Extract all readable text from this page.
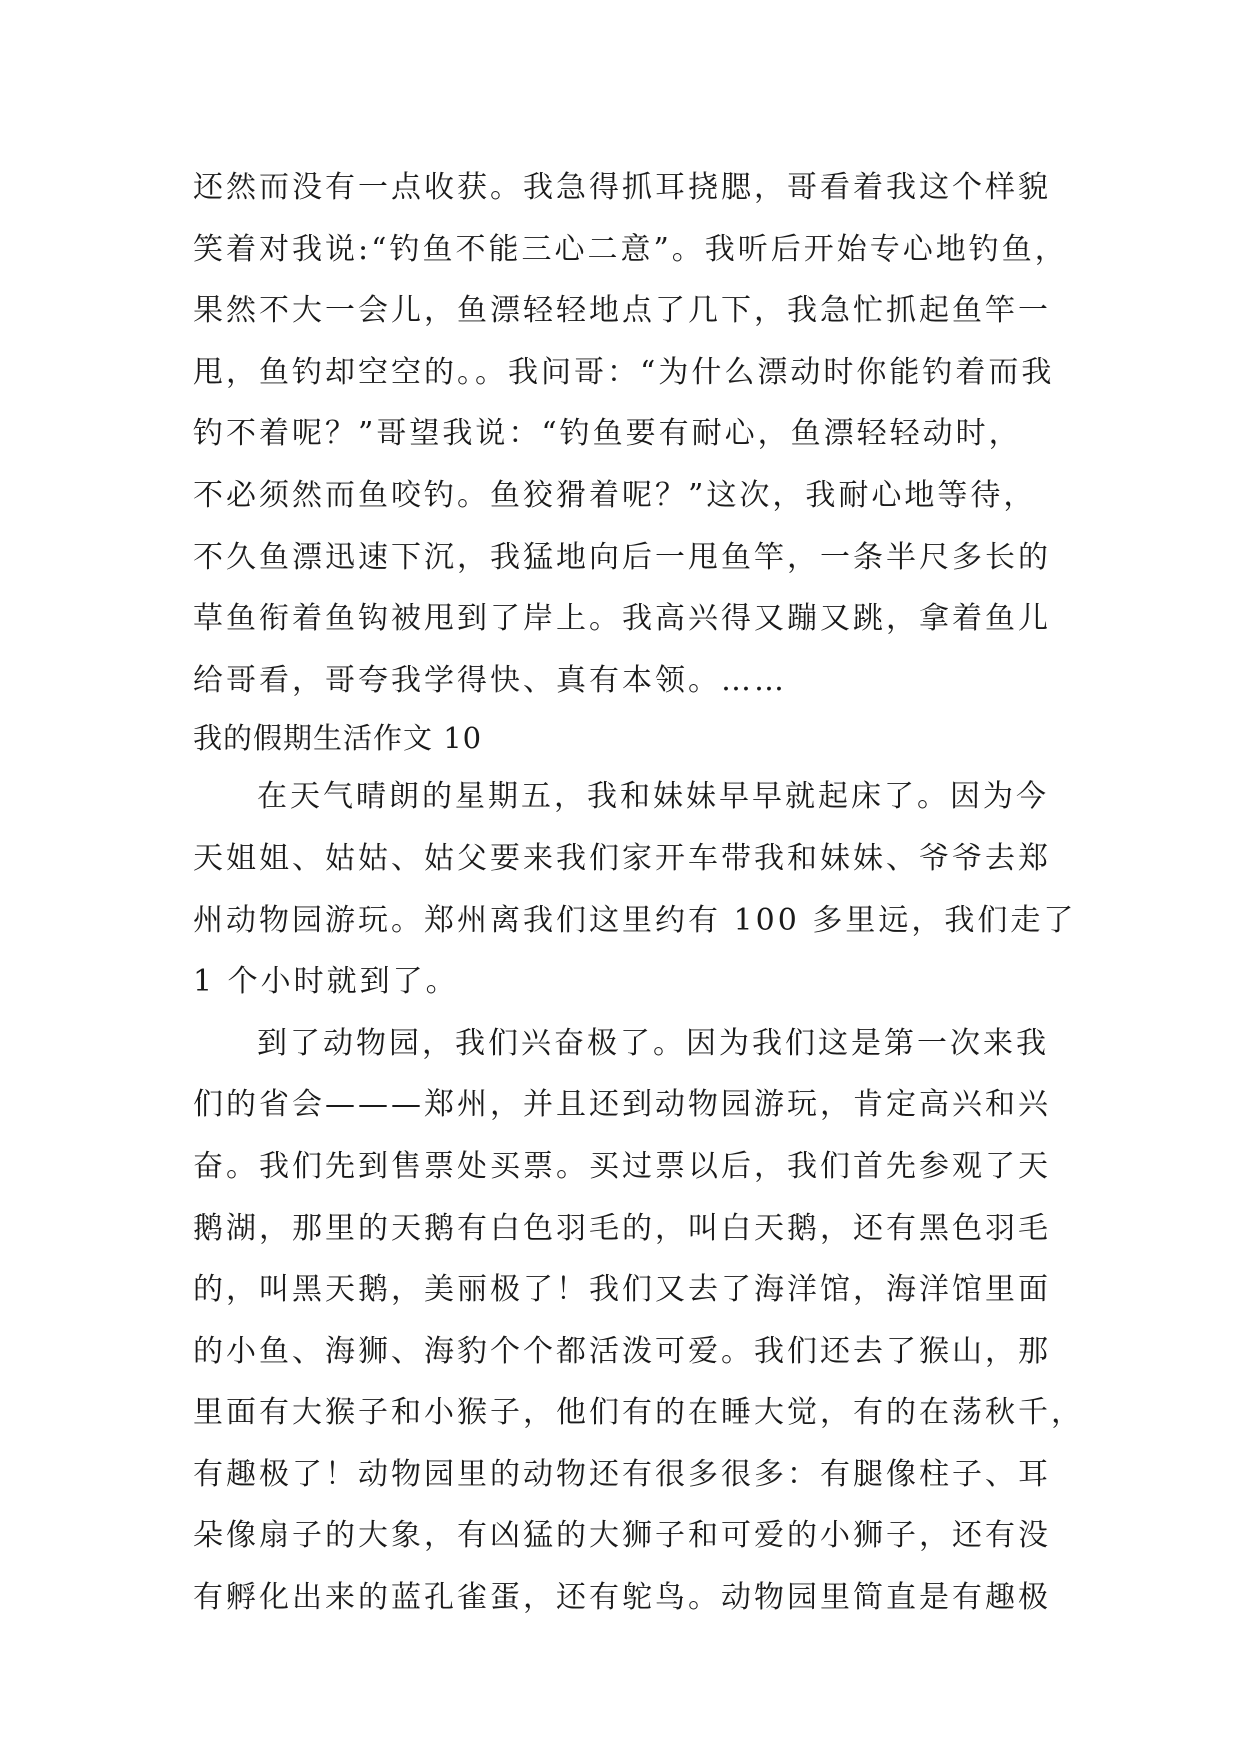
还然而没有一点收获。我急得抓耳挠腮，哥看着我这个样貌

笑着对我说:“钓鱼不能三心二意”。我听后开始专心地钓鱼，

果然不大一会儿，鱼漂轻轻地点了几下，我急忙抓起鱼竿一

甩，鱼钓却空空的。。我问哥：“为什么漂动时你能钓着而我

钓不着呢？”哥望我说：“钓鱼要有耐心，鱼漂轻轻动时，

不必须然而鱼咬钓。鱼狡猾着呢？”这次，我耐心地等待，

不久鱼漂迅速下沉，我猛地向后一甩鱼竿，一条半尺多长的

草鱼衔着鱼钩被甩到了岸上。我高兴得又蹦又跳，拿着鱼儿

给哥看，哥夸我学得快、真有本领。……

我的假期生活作文 10

在天气晴朗的星期五，我和妹妹早早就起床了。因为今

天姐姐、姑姑、姑父要来我们家开车带我和妹妹、爷爷去郑

州动物园游玩。郑州离我们这里约有 100 多里远，我们走了

1 个小时就到了。

到了动物园，我们兴奋极了。因为我们这是第一次来我

们的省会———郑州，并且还到动物园游玩，肯定高兴和兴

奋。我们先到售票处买票。买过票以后，我们首先参观了天

鹅湖，那里的天鹅有白色羽毛的，叫白天鹅，还有黑色羽毛

的，叫黑天鹅，美丽极了！我们又去了海洋馆，海洋馆里面

的小鱼、海狮、海豹个个都活泼可爱。我们还去了猴山，那

里面有大猴子和小猴子，他们有的在睡大觉，有的在荡秋千，

有趣极了！动物园里的动物还有很多很多：有腿像柱子、耳

朵像扇子的大象，有凶猛的大狮子和可爱的小狮子，还有没

有孵化出来的蓝孔雀蛋，还有鸵鸟。动物园里简直是有趣极
